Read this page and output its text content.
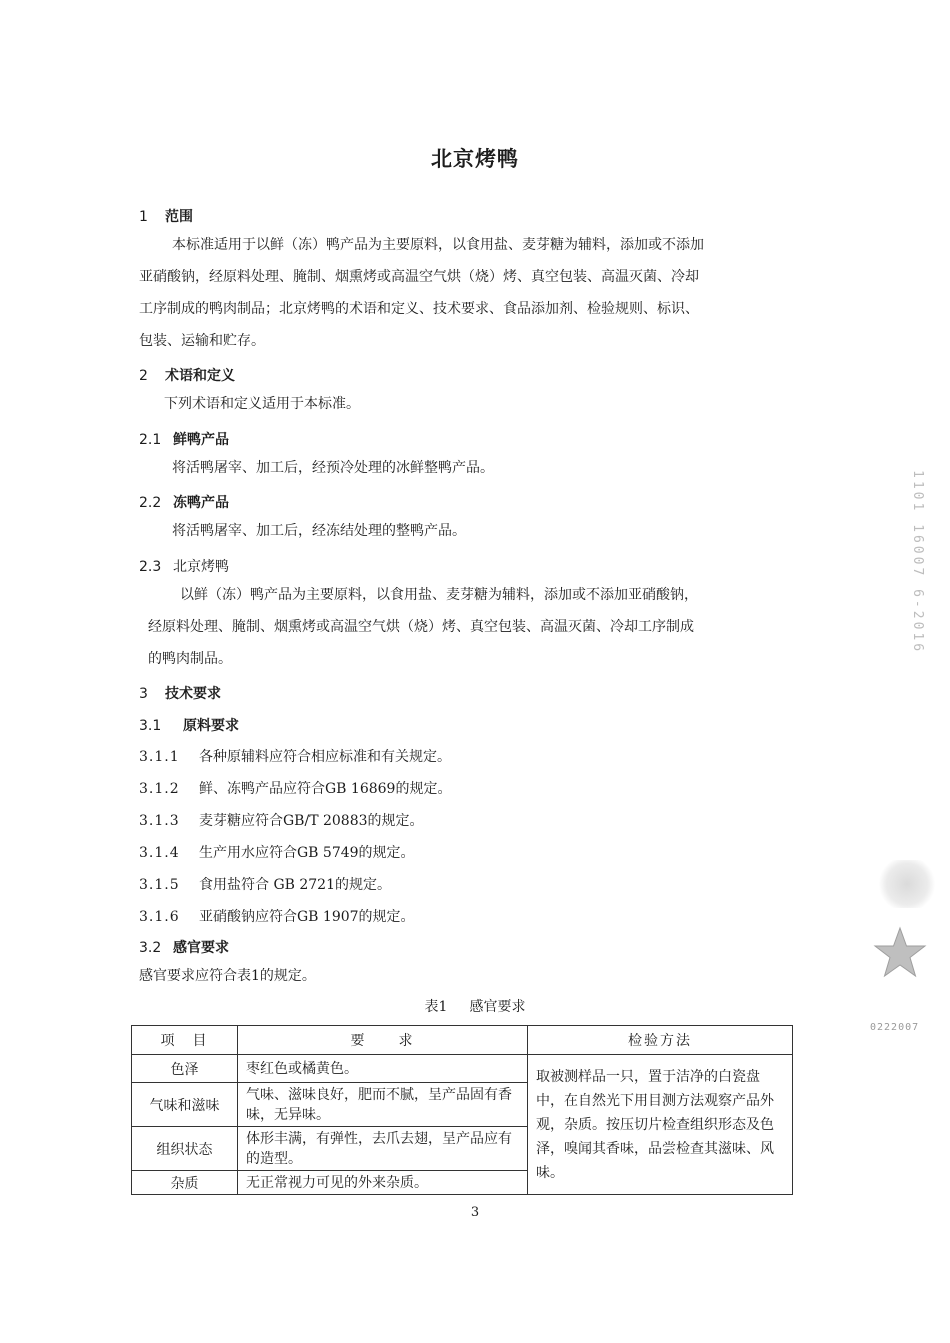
北京烤鸭
1 范围
本标准适用于以鲜（冻）鸭产品为主要原料，以食用盐、麦芽糖为辅料，添加或不添加
亚硝酸钠，经原料处理、腌制、烟熏烤或高温空气烘（烧）烤、真空包装、高温灭菌、冷却
工序制成的鸭肉制品；北京烤鸭的术语和定义、技术要求、食品添加剂、检验规则、标识、
包装、运输和贮存。
2 术语和定义
下列术语和定义适用于本标准。
2.1 鲜鸭产品
将活鸭屠宰、加工后，经预冷处理的冰鲜整鸭产品。
2.2 冻鸭产品
将活鸭屠宰、加工后，经冻结处理的整鸭产品。
2.3 北京烤鸭
以鲜（冻）鸭产品为主要原料，以食用盐、麦芽糖为辅料，添加或不添加亚硝酸钠，
经原料处理、腌制、烟熏烤或高温空气烘（烧）烤、真空包装、高温灭菌、冷却工序制成
的鸭肉制品。
3 技术要求
3.1 原料要求
3.1.1 各种原辅料应符合相应标准和有关规定。
3.1.2 鲜、冻鸭产品应符合GB 16869的规定。
3.1.3 麦芽糖应符合GB/T 20883的规定。
3.1.4 生产用水应符合GB 5749的规定。
3.1.5 食用盐符合 GB 2721的规定。
3.1.6 亚硝酸钠应符合GB 1907的规定。
3.2 感官要求
感官要求应符合表1的规定。
表1 感官要求
项　目	要　　求	检验方法
色泽	枣红色或橘黄色。	取被测样品一只，置于洁净的白瓷盘中，在自然光下用目测方法观察产品外观，杂质。按压切片检查组织形态及色泽，嗅闻其香味，品尝检查其滋味、风味。
气味和滋味	气味、滋味良好，肥而不腻，呈产品固有香味，无异味。	
组织状态	体形丰满，有弹性，去爪去翅，呈产品应有的造型。	
杂质	无正常视力可见的外来杂质。	
3
1101 16007 6-2016
0222007
